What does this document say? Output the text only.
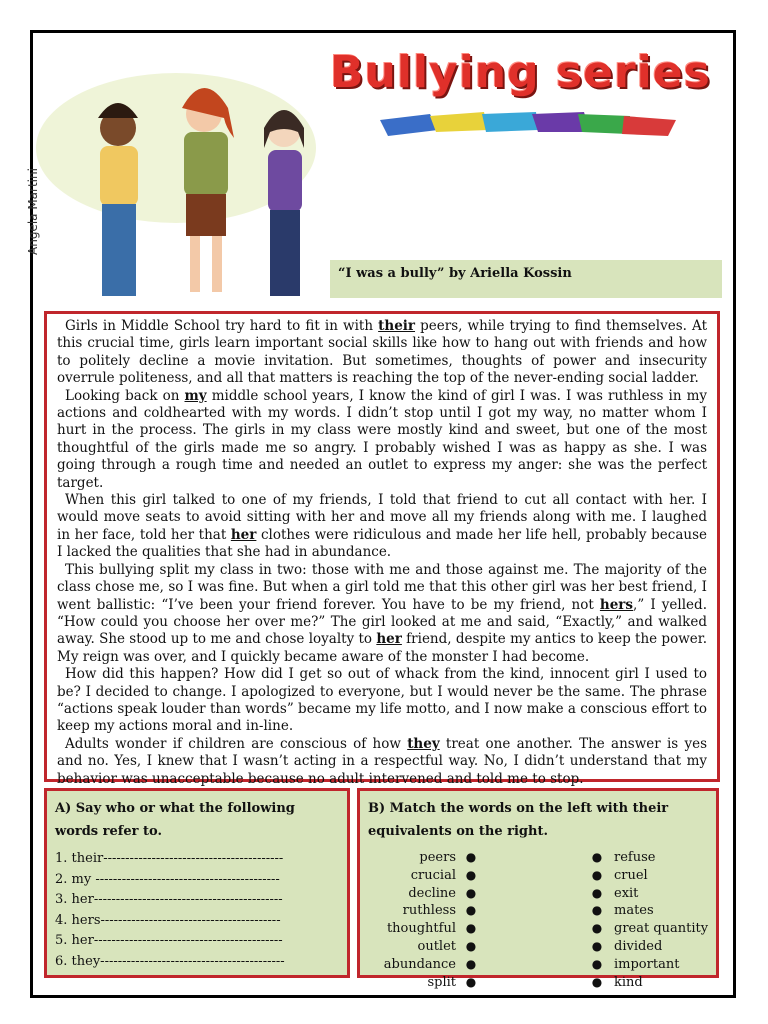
Angela Martini
Bullying series
“I was a bully” by Ariella Kossin

Girls in Middle School try hard to fit in with their peers, while trying to find themselves. At this crucial time, girls learn important social skills like how to hang out with friends and how to politely decline a movie invitation. But sometimes, thoughts of power and insecurity overrule politeness, and all that matters is reaching the top of the never-ending social ladder.

Looking back on my middle school years, I know the kind of girl I was. I was ruthless in my actions and coldhearted with my words. I didn’t stop until I got my way, no matter whom I hurt in the process. The girls in my class were mostly kind and sweet, but one of the most thoughtful of the girls made me so angry. I probably wished I was as happy as she. I was going through a rough time and needed an outlet to express my anger: she was the perfect target.

When this girl talked to one of my friends, I told that friend to cut all contact with her. I would move seats to avoid sitting with her and move all my friends along with me. I laughed in her face, told her that her clothes were ridiculous and made her life hell, probably because I lacked the qualities that she had in abundance.

This bullying split my class in two: those with me and those against me. The majority of the class chose me, so I was fine. But when a girl told me that this other girl was her best friend, I went ballistic: “I’ve been your friend forever. You have to be my friend, not hers,” I yelled. “How could you choose her over me?” The girl looked at me and said, “Exactly,” and walked away. She stood up to me and chose loyalty to her friend, despite my antics to keep the power. My reign was over, and I quickly became aware of the monster I had become.

How did this happen? How did I get so out of whack from the kind, innocent girl I used to be? I decided to change. I apologized to everyone, but I would never be the same. The phrase “actions speak louder than words” became my life motto, and I now make a conscious effort to keep my actions moral and in-line.

Adults wonder if children are conscious of how they treat one another. The answer is yes and no. Yes, I knew that I wasn’t acting in a respectful way. No, I didn’t understand that my behavior was unacceptable because no adult intervened and told me to stop.

A) Say who or what the following words refer to.
1. their-----------------------------------------
2. my ------------------------------------------
3. her-------------------------------------------
4. hers-----------------------------------------
5. her-------------------------------------------
6. they------------------------------------------
B) Match the words on the left with their equivalents on the right.
peers ●
crucial ●
decline ●
ruthless ●
thoughtful ●
outlet ●
abundance ●
split ●
● refuse
● cruel
● exit
● mates
● great quantity
● divided
● important
● kind
